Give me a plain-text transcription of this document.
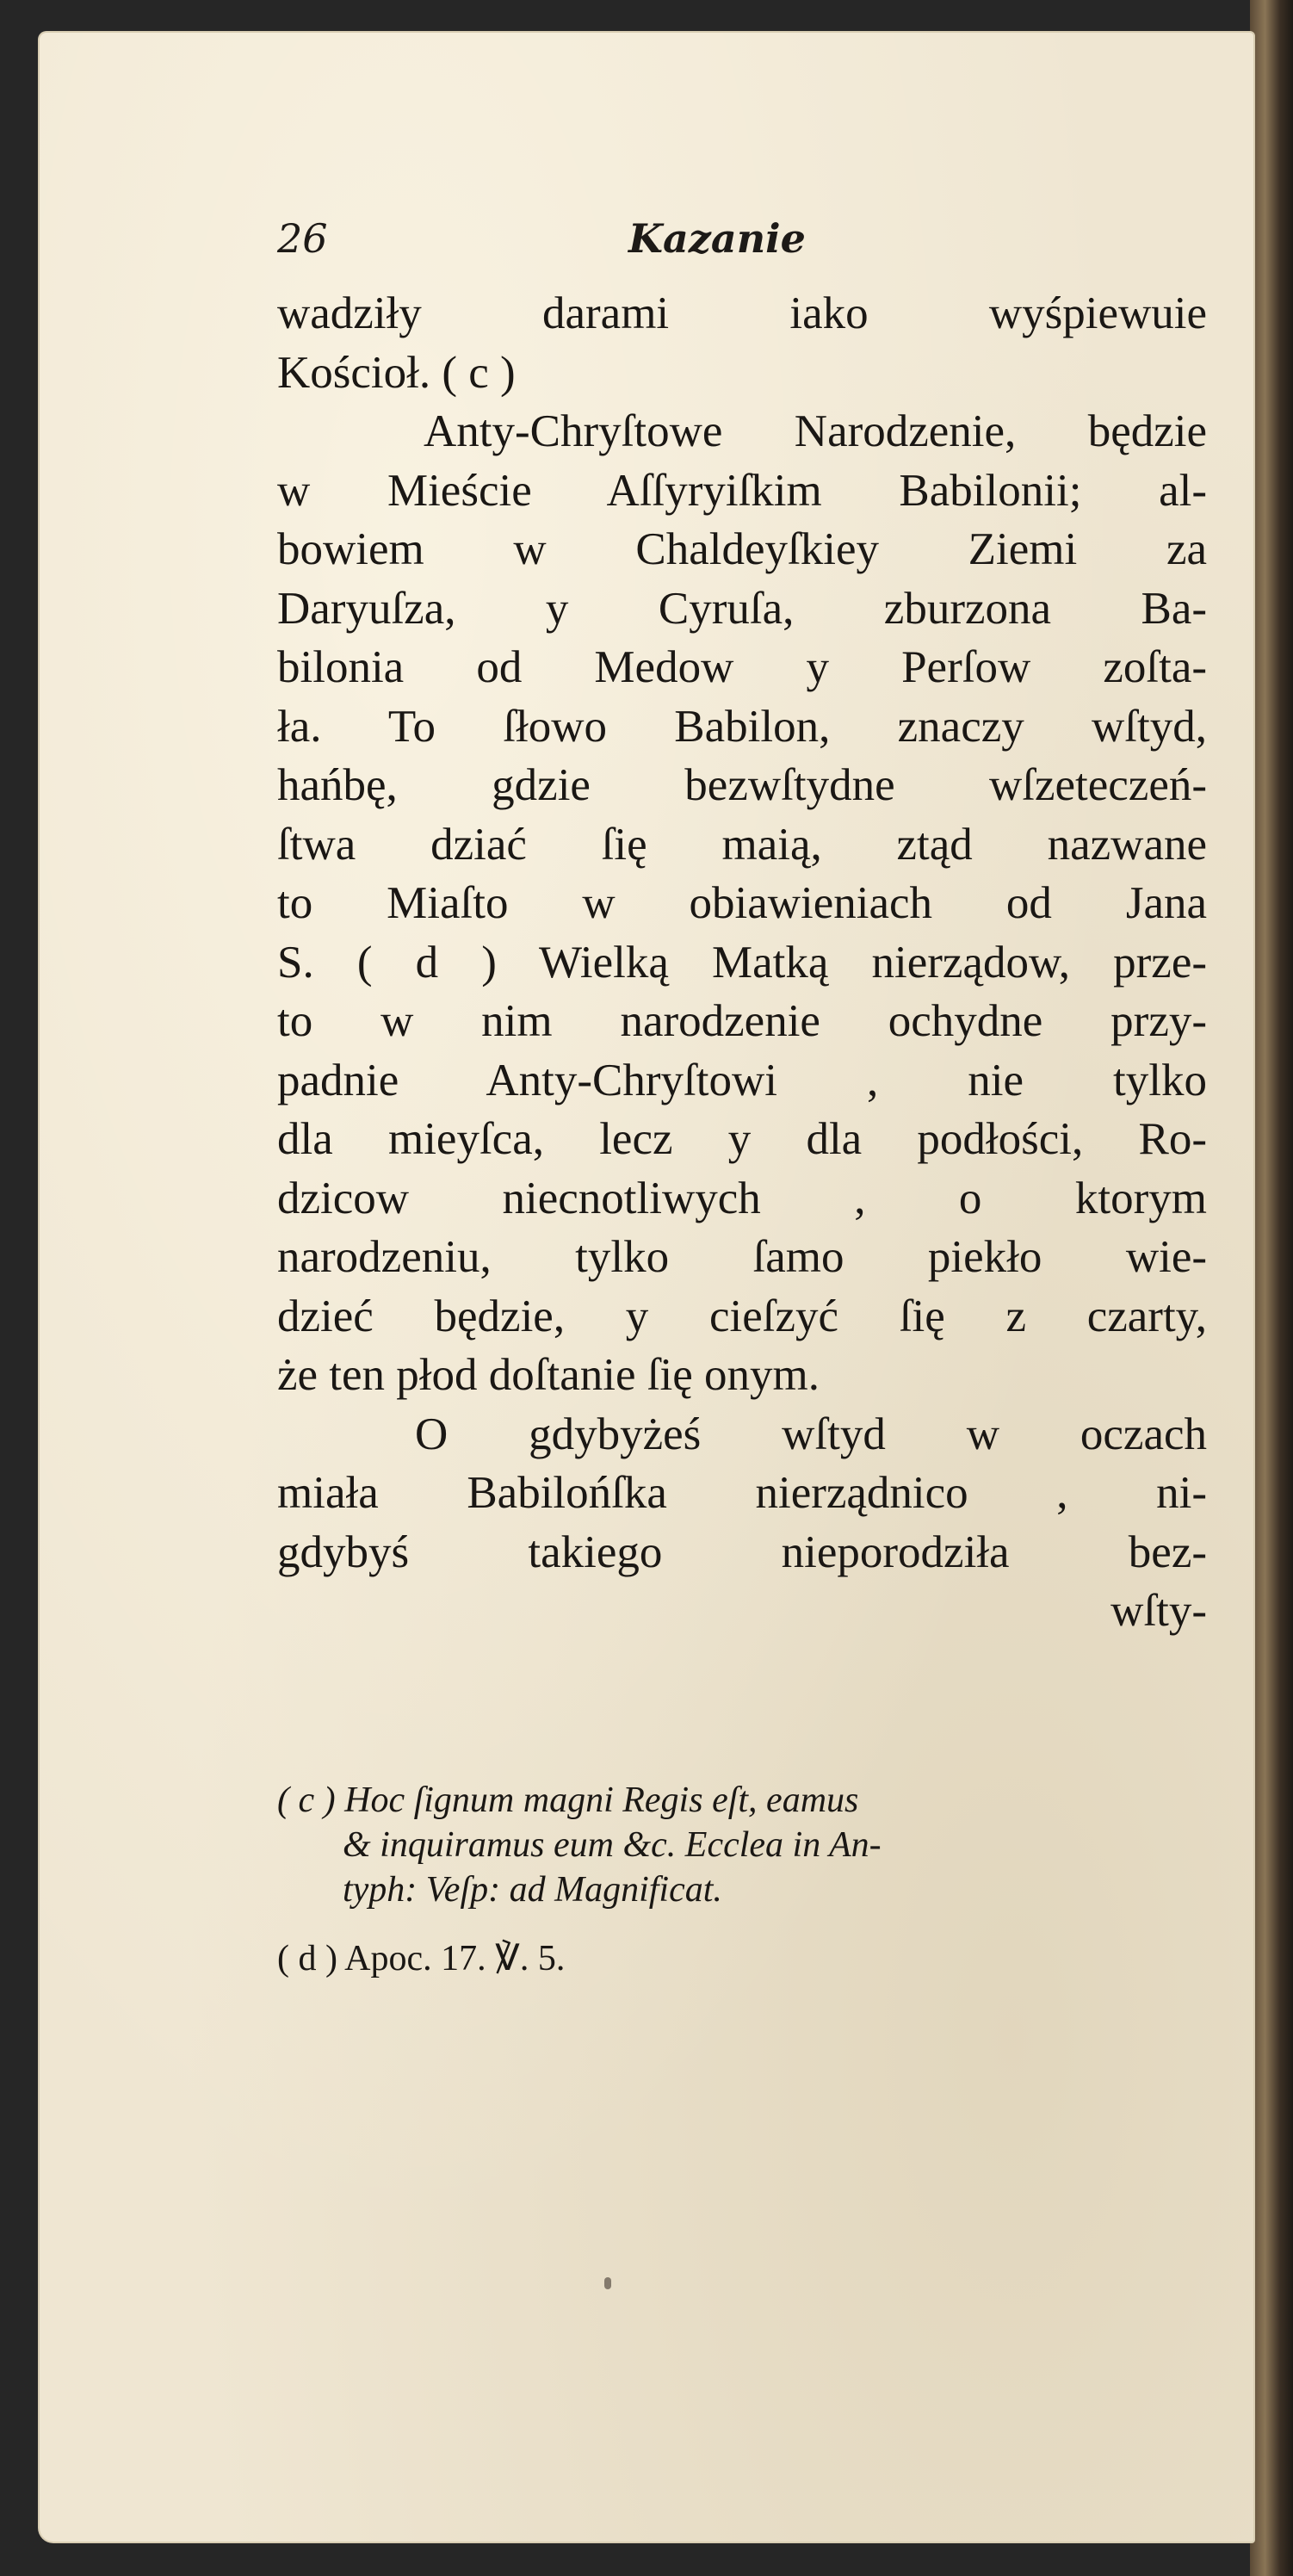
26	Kazanie
wadziły darami iako wyśpiewuie
Kościoł. ( c )
Anty-Chryſtowe Narodzenie, będzie
w Mieście Aſſyryiſkim Babilonii; al-
bowiem w Chaldeyſkiey Ziemi za
Daryuſza, y Cyruſa, zburzona Ba-
bilonia od Medow y Perſow zoſta-
ła. To ſłowo Babilon, znaczy wſtyd,
hańbę, gdzie bezwſtydne wſzeteczeń-
ſtwa dziać ſię maią, ztąd nazwane
to Miaſto w obiawieniach od Jana
S. ( d ) Wielką Matką nierządow, prze-
to w nim narodzenie ochydne przy-
padnie Anty-Chryſtowi , nie tylko
dla mieyſca, lecz y dla podłości, Ro-
dzicow niecnotliwych , o ktorym
narodzeniu, tylko ſamo piekło wie-
dzieć będzie, y cieſzyć ſię z czarty,
że ten płod doſtanie ſię onym.
O gdybyżeś wſtyd w oczach
miała Babilońſka nierządnico , ni-
gdybyś takiego nieporodziła bez-
wſty-
( c ) Hoc ſignum magni Regis eſt, eamus
& inquiramus eum &c. Ecclea in An-
typh: Veſp: ad Magnificat.
( d ) Apoc. 17. ℣. 5.
